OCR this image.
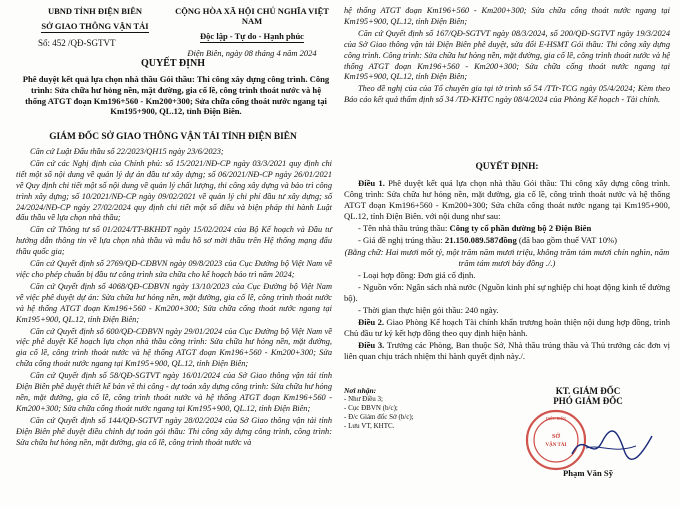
UBND TỈNH ĐIỆN BIÊN
SỞ GIAO THÔNG VẬN TẢI
Số: 452 /QĐ-SGTVT
CỘNG HÒA XÃ HỘI CHỦ NGHĨA VIỆT NAM
Độc lập - Tự do - Hạnh phúc
Điện Biên, ngày 08 tháng 4 năm 2024
QUYẾT ĐỊNH
Phê duyệt kết quả lựa chọn nhà thầu Gói thầu: Thi công xây dựng công trình. Công trình: Sửa chữa hư hỏng nền, mặt đường, gia cố lề, công trình thoát nước và hệ thống ATGT đoạn Km196+560 - Km200+300; Sửa chữa cống thoát nước ngang tại Km195+900, QL.12, tỉnh Điện Biên.
GIÁM ĐỐC SỞ GIAO THÔNG VẬN TẢI TỈNH ĐIỆN BIÊN

Căn cứ Luật Đấu thầu số 22/2023/QH15 ngày 23/6/2023;

Căn cứ các Nghị định của Chính phủ: số 15/2021/NĐ-CP ngày 03/3/2021 quy định chi tiết một số nội dung về quản lý dự án đầu tư xây dựng; số 06/2021/NĐ-CP ngày 26/01/2021 về Quy định chi tiết một số nội dung về quản lý chất lượng, thi công xây dựng và bảo trì công trình xây dựng; số 10/2021/NĐ-CP ngày 09/02/2021 về quản lý chi phí đầu tư xây dựng; số 24/2024/NĐ-CP ngày 27/02/2024 quy định chi tiết một số điều và biện pháp thi hành Luật đấu thầu về lựa chọn nhà thầu;

Căn cứ Thông tư số 01/2024/TT-BKHĐT ngày 15/02/2024 của Bộ Kế hoạch và Đầu tư hướng dẫn thông tin về lựa chọn nhà thầu và mẫu hồ sơ mời thầu trên Hệ thống mạng đấu thầu quốc gia;

Căn cứ Quyết định số 2769/QĐ-CĐBVN ngày 09/8/2023 của Cục Đường bộ Việt Nam về việc cho phép chuẩn bị đầu tư công trình sửa chữa cho kế hoạch bảo trì năm 2024;

Căn cứ Quyết định số 4068/QĐ-CĐBVN ngày 13/10/2023 của Cục Đường bộ Việt Nam về việc phê duyệt dự án: Sửa chữa hư hỏng nền, mặt đường, gia cố lề, công trình thoát nước và hệ thống ATGT đoạn Km196+560 - Km200+300; Sửa chữa cống thoát nước ngang tại Km195+900, QL.12, tỉnh Điện Biên;

Căn cứ Quyết định số 600/QĐ-CĐBVN ngày 29/01/2024 của Cục Đường bộ Việt Nam về việc phê duyệt Kế hoạch lựa chọn nhà thầu công trình: Sửa chữa hư hỏng nền, mặt đường, gia cố lề, công trình thoát nước và hệ thống ATGT đoạn Km196+560 - Km200+300; Sửa chữa cống thoát nước ngang tại Km195+900, QL.12, tỉnh Điện Biên;

Căn cứ Quyết định số 58/QĐ-SGTVT ngày 16/01/2024 của Sở Giao thông vận tải tỉnh Điện Biên phê duyệt thiết kế bản vẽ thi công - dự toán xây dựng công trình: Sửa chữa hư hỏng nền, mặt đường, gia cố lề, công trình thoát nước và hệ thống ATGT đoạn Km196+560 - Km200+300; Sửa chữa cống thoát nước ngang tại Km195+900, QL.12, tỉnh Điện Biên;

Căn cứ Quyết định số 144/QĐ-SGTVT ngày 28/02/2024 của Sở Giao thông vận tải tỉnh Điện Biên phê duyệt điều chỉnh dự toán gói thầu: Thi công xây dựng công trình, công trình: Sửa chữa hư hỏng nền, mặt đường, gia cố lề, công trình thoát nước và

hệ thống ATGT đoạn Km196+560 - Km200+300; Sửa chữa cống thoát nước ngang tại Km195+900, QL.12, tỉnh Điện Biên;

Căn cứ Quyết định số 167/QĐ-SGTVT ngày 08/3/2024, số 200/QĐ-SGTVT ngày 19/3/2024 của Sở Giao thông vận tải Điện Biên phê duyệt, sửa đổi E-HSMT Gói thầu: Thi công xây dựng công trình. Công trình: Sửa chữa hư hỏng nền, mặt đường, gia cố lề, công trình thoát nước và hệ thống ATGT đoạn Km196+560 - Km200+300; Sửa chữa cống thoát nước ngang tại Km195+900, QL.12, tỉnh Điện Biên;

Theo đề nghị của của Tổ chuyên gia tại tờ trình số 54 /TTr-TCG ngày 05/4/2024; Kèm theo Báo cáo kết quả thẩm định số 34 /TĐ-KHTC ngày 08/4/2024 của Phòng Kế hoạch - Tài chính.

QUYẾT ĐỊNH:

Điều 1. Phê duyệt kết quả lựa chọn nhà thầu Gói thầu: Thi công xây dựng công trình. Công trình: Sửa chữa hư hỏng nền, mặt đường, gia cố lề, công trình thoát nước và hệ thống ATGT đoạn Km196+560 - Km200+300; Sửa chữa cống thoát nước ngang tại Km195+900, QL.12, tỉnh Điện Biên. với nội dung như sau:

- Tên nhà thầu trúng thầu: Công ty cổ phần đường bộ 2 Điện Biên

- Giá đề nghị trúng thầu: 21.150.089.587đồng (đã bao gồm thuế VAT 10%)

(Bằng chữ: Hai mươi mốt tỷ, một trăm năm mươi triệu, không trăm tám mươi chín nghìn, năm trăm tám mươi bảy đồng ./.)

- Loại hợp đồng: Đơn giá cố định.

- Nguồn vốn: Ngân sách nhà nước (Nguồn kinh phí sự nghiệp chi hoạt động kinh tế đường bộ).

- Thời gian thực hiện gói thầu: 240 ngày.

Điều 2. Giao Phòng Kế hoạch Tài chính khẩn trương hoàn thiện nội dung hợp đồng, trình Chủ đầu tư ký kết hợp đồng theo quy định hiện hành.

Điều 3. Trưởng các Phòng, Ban thuộc Sở, Nhà thầu trúng thầu và Thủ trưởng các đơn vị liên quan chịu trách nhiệm thi hành quyết định này./.

Nơi nhận:
- Như Điều 3;
- Cục ĐBVN (b/c);
- Đ/c Giám đốc Sở (b/c);
- Lưu VT, KHTC.
KT. GIÁM ĐỐC
PHÓ GIÁM ĐỐC
SỞ
VẬN TẢI
ĐIỆN BIÊN
Phạm Văn Sỹ
